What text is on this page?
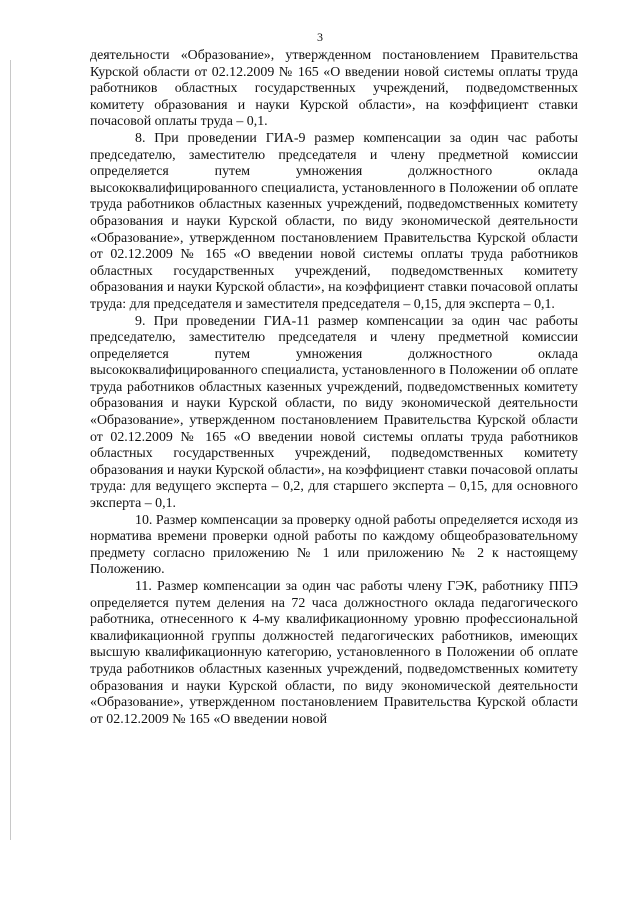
3

деятельности «Образование», утвержденном постановлением Правительства Курской области от 02.12.2009 № 165 «О введении новой системы оплаты труда работников областных государственных учреждений, подведомственных комитету образования и науки Курской области», на коэффициент ставки почасовой оплаты труда – 0,1.

8. При проведении ГИА-9 размер компенсации за один час работы председателю, заместителю председателя и члену предметной комиссии определяется путем умножения должностного оклада высококвалифицированного специалиста, установленного в Положении об оплате труда работников областных казенных учреждений, подведомственных комитету образования и науки Курской области, по виду экономической деятельности «Образование», утвержденном постановлением Правительства Курской области от 02.12.2009 № 165 «О введении новой системы оплаты труда работников областных государственных учреждений, подведомственных комитету образования и науки Курской области», на коэффициент ставки почасовой оплаты труда: для председателя и заместителя председателя – 0,15, для эксперта – 0,1.

9. При проведении ГИА-11 размер компенсации за один час работы председателю, заместителю председателя и члену предметной комиссии определяется путем умножения должностного оклада высококвалифицированного специалиста, установленного в Положении об оплате труда работников областных казенных учреждений, подведомственных комитету образования и науки Курской области, по виду экономической деятельности «Образование», утвержденном постановлением Правительства Курской области от 02.12.2009 № 165 «О введении новой системы оплаты труда работников областных государственных учреждений, подведомственных комитету образования и науки Курской области», на коэффициент ставки почасовой оплаты труда: для ведущего эксперта – 0,2, для старшего эксперта – 0,15, для основного эксперта – 0,1.

10. Размер компенсации за проверку одной работы определяется исходя из норматива времени проверки одной работы по каждому общеобразовательному предмету согласно приложению № 1 или приложению № 2 к настоящему Положению.

11. Размер компенсации за один час работы члену ГЭК, работнику ППЭ определяется путем деления на 72 часа должностного оклада педагогического работника, отнесенного к 4-му квалификационному уровню профессиональной квалификационной группы должностей педагогических работников, имеющих высшую квалификационную категорию, установленного в Положении об оплате труда работников областных казенных учреждений, подведомственных комитету образования и науки Курской области, по виду экономической деятельности «Образование», утвержденном постановлением Правительства Курской области от 02.12.2009 № 165 «О введении новой
